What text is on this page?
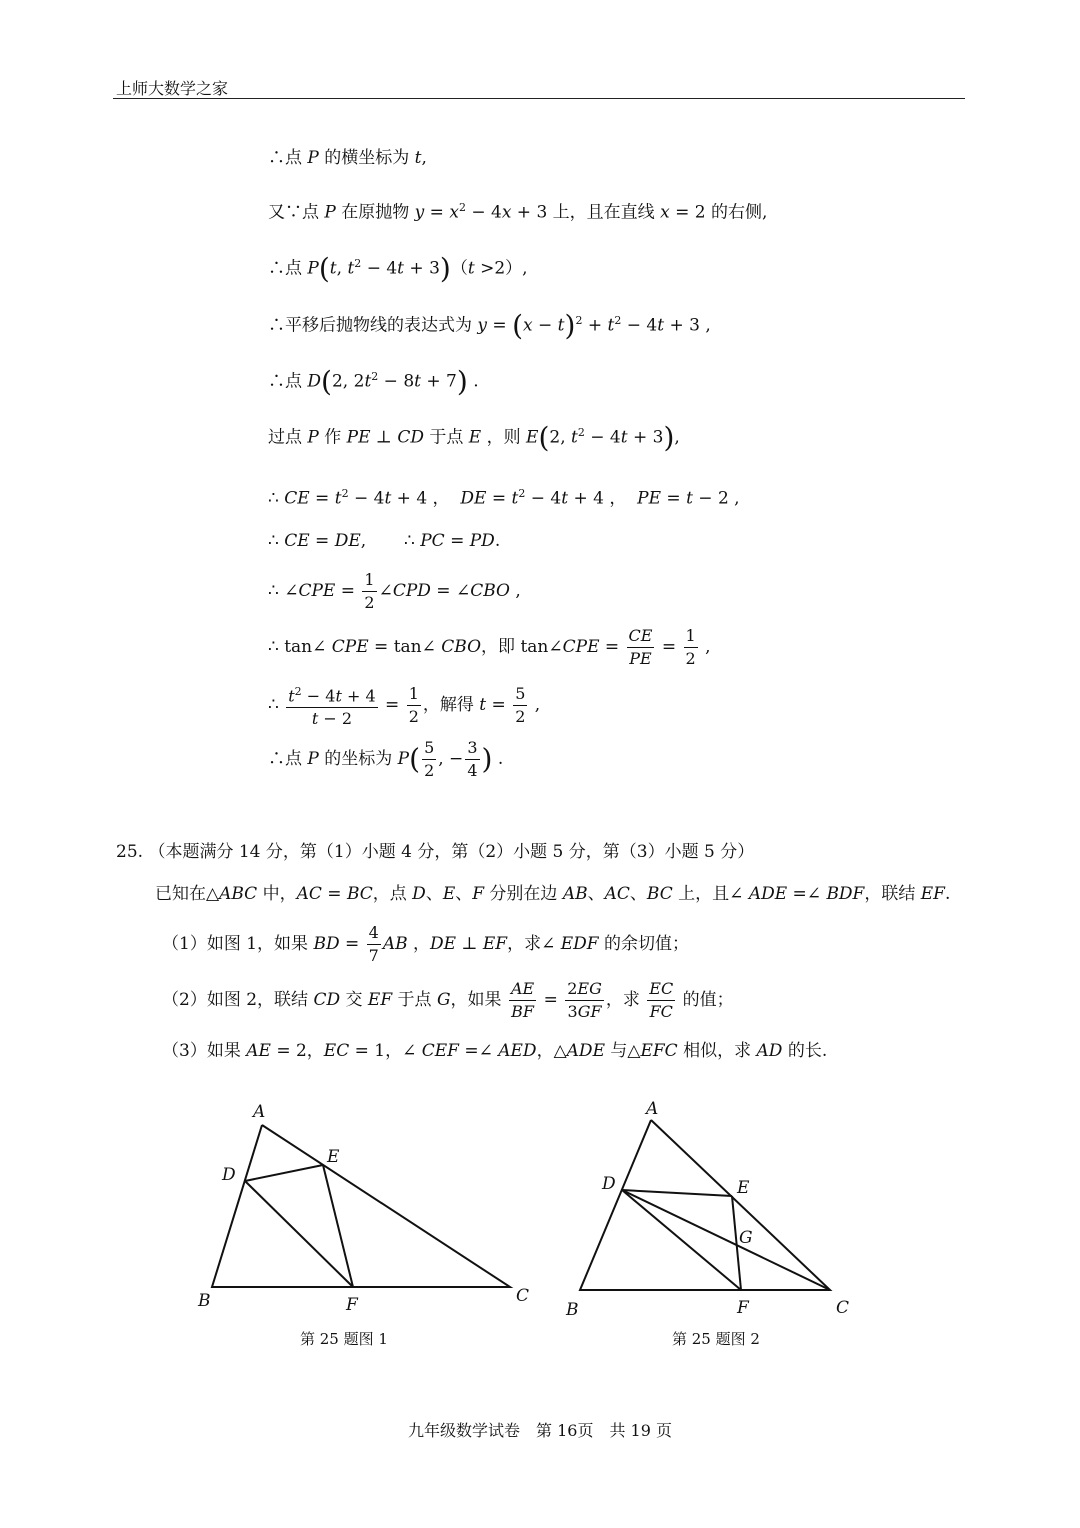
上师大数学之家
∴点 P 的横坐标为 t,
又∵点 P 在原抛物 $y = x^2 - 4x + 3$ 上，且在直线 x = 2 的右侧,
∴点 P(t, $t^2 - 4t + 3)(t >2)$,
∴平移后抛物线的表达式为 $y = (x - t)^2 + t^2 - 4t + 3$ ,
∴点 D(2, $2t^2 - 8t + 7$) .
过点 P 作 PE ⊥ CD 于点 E ，则 E(2, $t^2 - 4t + 3$),
∴ CE = $t^2 - 4t + 4$ ，  DE = $t^2 - 4t + 4$ ，  PE = t − 2 ,
∴ CE = DE,       ∴ PC = PD.
∴ ∠CPE = $\frac{1}{2}$ ∠CPD = ∠CBO ,
∴ tan∠ CPE = tan∠ CBO，即 tan∠CPE = $\frac{CE}{PE} = \frac{1}{2}$ ,
∴ $\frac{t^2 - 4t + 4}{t - 2} = \frac{1}{2}$ ，解得 $t = \frac{5}{2}$ ,
∴点 P 的坐标为 $P( \frac{5}{2}$ , − $\frac{3}{4}$ ) .
25. （本题满分 14 分，第（1）小题 4 分，第（2）小题 5 分，第（3）小题 5 分）
已知在△ABC 中，AC = BC，点 D、E、F 分别在边 AB、AC、BC 上，且∠ ADE =∠ BDF，联结 EF.
（1）如图 1，如果 BD = $\frac{4}{7}$ AB ，DE ⊥ EF，求∠ EDF 的余切值；
（2）如图 2，联结 CD 交 EF 于点 G，如果 $\frac{AE}{BF} = \frac{2EG}{3GF}$ ，求 $\frac{EC}{FC}$ 的值；
（3）如果 AE = 2，EC = 1，∠ CEF =∠ AED，△ADE 与△EFC 相似，求 AD 的长.
A
B	C
D
E
F
第 25 题图 1
A
B	C
D	E
F
G
第 25 题图 2
九年级数学试卷　第 16页　共 19 页
